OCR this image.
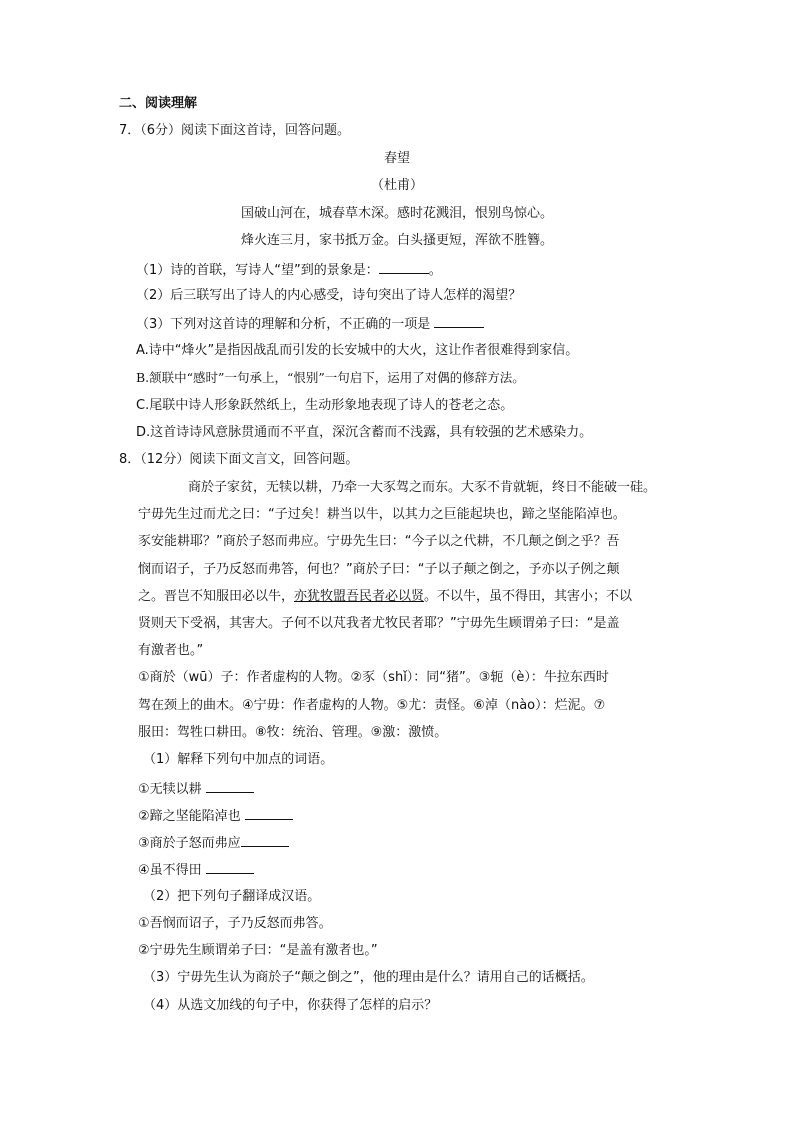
二、阅读理解
7．（6分）阅读下面这首诗，回答问题。
春望
（杜甫）
国破山河在，城春草木深。感时花溅泪，恨别鸟惊心。
烽火连三月，家书抵万金。白头搔更短，浑欲不胜簪。
（1）诗的首联，写诗人“望”到的景象是：	。
（2）后三联写出了诗人的内心感受，诗句突出了诗人怎样的渴望？
（3）下列对这首诗的理解和分析，不正确的一项是
A.诗中“烽火”是指因战乱而引发的长安城中的大火，这让作者很难得到家信。
B.颔联中“感时”一句承上，“恨别”一句启下，运用了对偶的修辞方法。
C.尾联中诗人形象跃然纸上，生动形象地表现了诗人的苍老之态。
D.这首诗诗风意脉贯通而不平直，深沉含蓄而不浅露，具有较强的艺术感染力。
8．（12分）阅读下面文言文，回答问题。
商於子家贫，无犊以耕，乃牵一大豕驾之而东。大豕不肯就轭，终日不能破一硅。
宁毋先生过而尤之曰：“子过矣！耕当以牛，以其力之巨能起块也，蹄之坚能陷淖也。
豕安能耕耶？”商於子怒而弗应。宁毋先生曰：“今子以之代耕，不几颠之倒之乎？吾
悯而诏子，子乃反怒而弗答，何也？”商於子曰：“子以子颠之倒之，予亦以子例之颠
之。晋岂不知服田必以牛，亦犹牧盟吾民者必以贤。不以牛，虽不得田，其害小；不以
贤则天下受祸，其害大。子何不以芃我者尤牧民者耶？”宁毋先生顾谓弟子曰：“是盖
有激者也。”
①商於（wū）子：作者虚构的人物。②豕（shǐ）：同“猪”。③轭（è）：牛拉东西时
驾在颈上的曲木。④宁毋：作者虚构的人物。⑤尤：责怪。⑥淖（nào）：烂泥。⑦
服田：驾牲口耕田。⑧牧：统治、管理。⑨激：激愤。
（1）解释下列句中加点的词语。
①无犊以耕
②蹄之坚能陷淖也
③商於子怒而弗应
④虽不得田
（2）把下列句子翻译成汉语。
①吾悯而诏子，子乃反怒而弗答。
②宁毋先生顾谓弟子曰：“是盖有激者也。”
（3）宁毋先生认为商於子“颠之倒之”，他的理由是什么？请用自己的话概括。
（4）从选文加线的句子中，你获得了怎样的启示？
